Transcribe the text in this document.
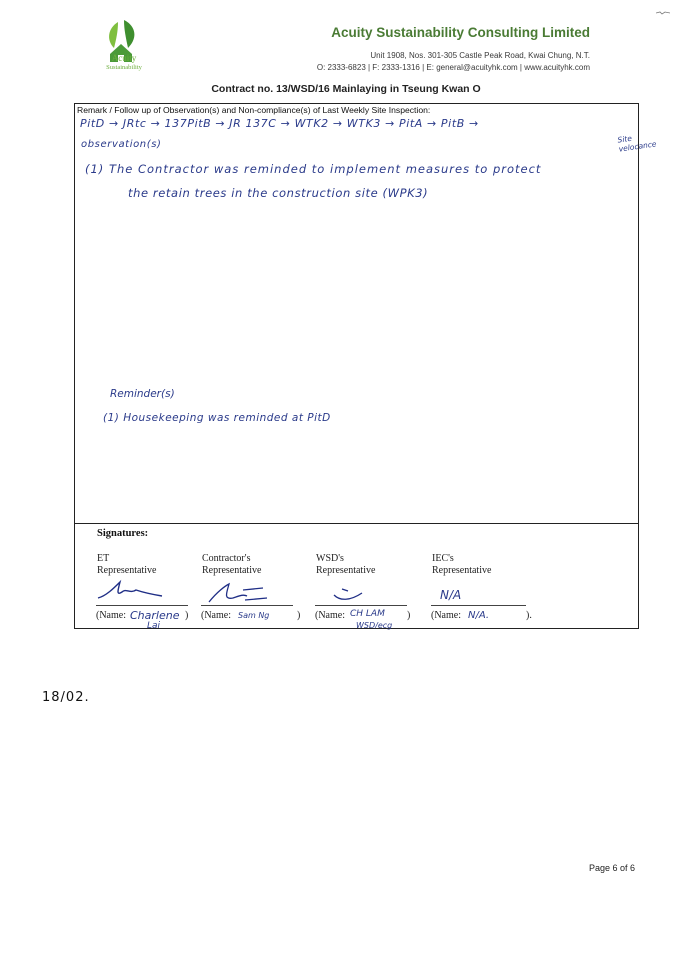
Acuity
Sustainability
Acuity Sustainability Consulting Limited
Unit 1908, Nos. 301-305 Castle Peak Road, Kwai Chung, N.T.
O: 2333-6823 | F: 2333-1316 | E: general@acuityhk.com | www.acuityhk.com
Contract no. 13/WSD/16 Mainlaying in Tseung Kwan O
Remark / Follow up of Observation(s) and Non-compliance(s) of Last Weekly Site Inspection:
PitD → JRtc → 137PitB → JR 137C → WTK2 → WTK3 → PitA → PitB →
Site
velocance
observation(s)
(1) The Contractor was reminded to implement measures to protect
the retain trees in the construction site (WPK3)
Reminder(s)
(1) Housekeeping was reminded at PitD
Signatures:
ET
Representative
Contractor's
Representative
WSD's
Representative
IEC's
Representative
N/A
(Name: Charlene
Lai
) (Name: Sam Ng	) (Name: CH LAM
WSD/ecg
) (Name: N/A.	).
18/02.
Page 6 of 6
